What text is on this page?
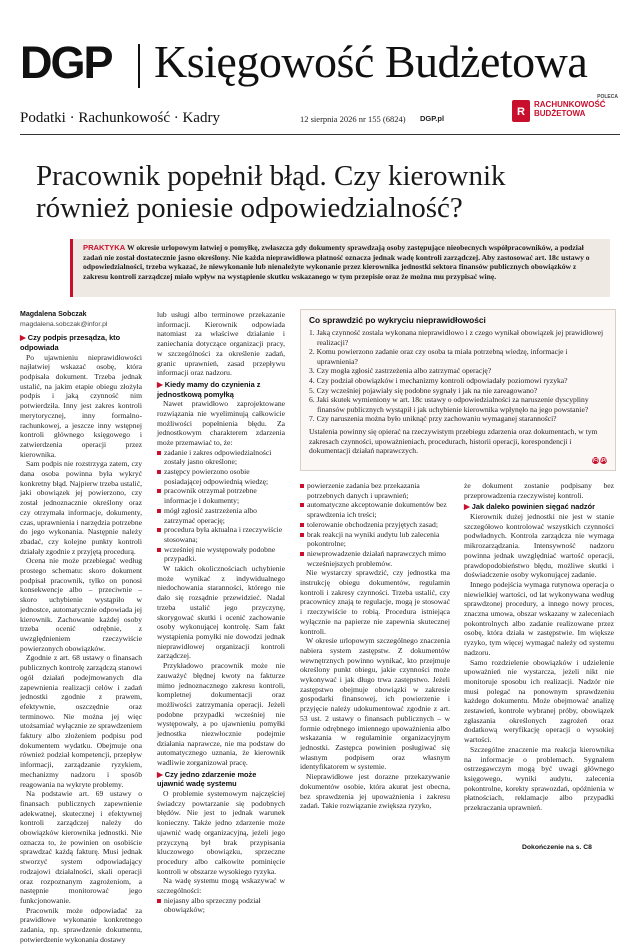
DGP Księgowość Budżetowa
Podatki · Rachunkowość · Kadry	12 sierpnia 2026 nr 155 (6824) DGP.pl
POLECA
R
RACHUNKOWOŚĆ
BUDŻETOWA
Pracownik popełnił błąd. Czy kierownik również poniesie odpowiedzialność?
PRAKTYKA W okresie urlopowym łatwiej o pomyłkę, zwłaszcza gdy dokumenty sprawdzają osoby zastępujące nieobecnych współpracowników, a podział zadań nie został dostatecznie jasno określony. Nie każda nieprawidłowa płatność oznacza jednak wadę kontroli zarządczej. Aby zastosować art. 18c ustawy o odpowiedzialności, trzeba wykazać, że niewykonanie lub nienależyte wykonanie przez kierownika jednostki sektora finansów publicznych obowiązków z zakresu kontroli zarządczej miało wpływ na wystąpienie skutku wskazanego w tym przepisie oraz że można mu przypisać winę.
Magdalena Sobczak
magdalena.sobczak@infor.pl
▶ Czy podpis przesądza, kto odpowiada

Po ujawnieniu nieprawidłowości najłatwiej wskazać osobę, która podpisała dokument. Trzeba jednak ustalić, na jakim etapie obiegu złożyła podpis i jaką czynność nim potwierdziła. Inny jest zakres kontroli merytorycznej, inny formalno-rachunkowej, a jeszcze inny wstępnej kontroli głównego księgowego i zatwierdzenia operacji przez kierownika.

Sam podpis nie rozstrzyga zatem, czy dana osoba powinna była wykryć konkretny błąd. Najpierw trzeba ustalić, jaki obowiązek jej powierzono, czy został jednoznacznie określony oraz czy otrzymała informacje, dokumenty, czas, uprawnienia i narzędzia potrzebne do jego wykonania. Następnie należy zbadać, czy kolejne punkty kontroli działały zgodnie z przyjętą procedurą.

Ocena nie może przebiegać według prostego schematu: skoro dokument podpisał pracownik, tylko on ponosi konsekwencje albo – przeciwnie – skoro uchybienie wystąpiło w jednostce, automatycznie odpowiada jej kierownik. Zachowanie każdej osoby trzeba ocenić odrębnie, z uwzględnieniem rzeczywiście powierzonych obowiązków.

Zgodnie z art. 68 ustawy o finansach publicznych kontrolę zarządczą stanowi ogół działań podejmowanych dla zapewnienia realizacji celów i zadań jednostki zgodnie z prawem, efektywnie, oszczędnie oraz terminowo. Nie można jej więc utożsamiać wyłącznie ze sprawdzeniem faktury albo złożeniem podpisu pod dokumentem wydatku. Obejmuje ona również podział kompetencji, przepływ informacji, zarządzanie ryzykiem, mechanizmy nadzoru i sposób reagowania na wykryte problemy.

Na podstawie art. 69 ustawy o finansach publicznych zapewnienie adekwatnej, skutecznej i efektywnej kontroli zarządczej należy do obowiązków kierownika jednostki. Nie oznacza to, że powinien on osobiście sprawdzać każdą fakturę. Musi jednak stworzyć system odpowiadający rodzajowi działalności, skali operacji oraz rozpoznanym zagrożeniom, a następnie monitorować jego funkcjonowanie.

Pracownik może odpowiadać za prawidłowe wykonanie konkretnego zadania, np. sprawdzenie dokumentu, potwierdzenie wykonania dostawy

lub usługi albo terminowe przekazanie informacji. Kierownik odpowiada natomiast za właściwe działanie i zaniechania dotyczące organizacji pracy, w szczególności za określenie zadań, granic uprawnień, zasad przepływu informacji oraz nadzoru.

▶ Kiedy mamy do czynienia z jednostkową pomyłką

Nawet prawidłowo zaprojektowane rozwiązania nie wyeliminują całkowicie możliwości popełnienia błędu. Za jednostkowym charakterem zdarzenia może przemawiać to, że:

zadanie i zakres odpowiedzialności zostały jasno określone;
zastępcy powierzono osobie posiadającej odpowiednią wiedzę;
pracownik otrzymał potrzebne informacje i dokumenty;
mógł zgłosić zastrzeżenia albo zatrzymać operację;
procedura była aktualna i rzeczywiście stosowana;
wcześniej nie występowały podobne przypadki.

W takich okolicznościach uchybienie może wynikać z indywidualnego niedochowania staranności, którego nie dało się rozsądnie przewidzieć. Nadal trzeba ustalić jego przyczynę, skorygować skutki i ocenić zachowanie osoby wykonującej kontrolę. Sam fakt wystąpienia pomyłki nie dowodzi jednak nieprawidłowej organizacji kontroli zarządczej.

Przykładowo pracownik może nie zauważyć błędnej kwoty na fakturze mimo jednoznacznego zakresu kontroli, kompletnej dokumentacji oraz możliwości zatrzymania operacji. Jeżeli podobne przypadki wcześniej nie występowały, a po ujawnieniu pomyłki jednostka niezwłocznie podejmie działania naprawcze, nie ma podstaw do automatycznego uznania, że kierownik wadliwie zorganizował pracę.

▶ Czy jedno zdarzenie może ujawnić wadę systemu

O problemie systemowym najczęściej świadczy powtarzanie się podobnych błędów. Nie jest to jednak warunek konieczny. Także jedno zdarzenie może ujawnić wadę organizacyjną, jeżeli jego przyczyną był brak przypisania kluczowego obowiązku, sprzeczne procedury albo całkowite pominięcie kontroli w obszarze wysokiego ryzyka.

Na wadę systemu mogą wskazywać w szczególności:

niejasny albo sprzeczny podział obowiązków;
Co sprawdzić po wykryciu nieprawidłowości
1. Jaką czynność zostala wykonana nieprawidłowo i z czego wynikał obowiązek jej prawidłowej realizacji?
2. Komu powierzono zadanie oraz czy osoba ta miała potrzebną wiedzę, informacje i uprawnienia?
3. Czy mogła zgłosić zastrzeżenia albo zatrzymać operację?
4. Czy podział obowiązków i mechanizmy kontroli odpowiadały poziomowi ryzyka?
5. Czy wcześniej pojawiały się podobne sygnały i jak na nie zareagowano?
6. Jaki skutek wymieniony w art. 18c ustawy o odpowiedzialności za naruszenie dyscypliny finansów publicznych wystąpił i jak uchybienie kierownika wpłynęło na jego powstanie?
7. Czy naruszenia można było uniknąć przy zachowaniu wymaganej staranności?
Ustalenia powinny się opierać na rzeczywistym przebiegu zdarzenia oraz dokumentach, w tym zakresach czynności, upoważnieniach, procedurach, historii operacji, korespondencji i dokumentacji działań naprawczych.
(c) (p)
powierzenie zadania bez przekazania potrzebnych danych i uprawnień;
automatyczne akceptowanie dokumentów bez sprawdzenia ich treści;
tolerowanie obchodzenia przyjętych zasad;
brak reakcji na wyniki audytu lub zalecenia pokontrolne;
niewprowadzenie działań naprawczych mimo wcześniejszych problemów.

Nie wystarczy sprawdzić, czy jednostka ma instrukcję obiegu dokumentów, regulamin kontroli i zakresy czynności. Trzeba ustalić, czy pracownicy znają te regulacje, mogą je stosować i rzeczywiście to robią. Procedura istniejąca wyłącznie na papierze nie zapewnia skutecznej kontroli.

W okresie urlopowym szczególnego znaczenia nabiera system zastępstw. Z dokumentów wewnętrznych powinno wynikać, kto przejmuje określony punkt obiegu, jakie czynności może wykonywać i jak długo trwa zastępstwo. Jeżeli zastępstwo obejmuje obowiązki w zakresie gospodarki finansowej, ich powierzenie i przyjęcie należy udokumentować zgodnie z art. 53 ust. 2 ustawy o finansach publicznych – w formie odrębnego imiennego upoważnienia albo wskazania w regulaminie organizacyjnym jednostki. Zastępca powinien posługiwać się własnym podpisem oraz własnym identyfikatorem w systemie.

Nieprawidłowe jest dorazne przekazywanie dokumentów osobie, która akurat jest obecna, bez sprawdzenia jej upoważnienia i zakresu zadań. Takie rozwiązanie zwiększa ryzyko,

że dokument zostanie podpisany bez przeprowadzenia rzeczywistej kontroli.

▶ Jak daleko powinien sięgać nadzór

Kierownik dużej jednostki nie jest w stanie szczegółowo kontrolować wszystkich czynności podwładnych. Kontrola zarządcza nie wymaga mikrozarządzania. Intensywność nadzoru powinna jednak uwzględniać wartość operacji, prawdopodobieństwo błędu, możliwe skutki i doświadczenie osoby wykonującej zadanie.

Innego podejścia wymaga rutynowa operacja o niewielkiej wartości, od lat wykonywana według sprawdzonej procedury, a innego nowy proces, znaczna umowa, obszar wskazany w zaleceniach pokontrolnych albo zadanie realizowane przez osobę, która działa w zastępstwie. Im większe ryzyko, tym więcej wymagać należy od systemu nadzoru.

Samo rozdzielenie obowiązków i udzielenie upoważnień nie wystarcza, jeżeli nikt nie monitoruje sposobu ich realizacji. Nadzór nie musi polegać na ponownym sprawdzeniu każdego dokumentu. Może obejmować analizę zestawień, kontrole wybranej próby, obowiązek zgłaszania określonych zagrożeń oraz dodatkową weryfikację operacji o wysokiej wartości.

Szczególne znaczenie ma reakcja kierownika na informacje o problemach. Sygnałem ostrzegawczym mogą być uwagi głównego księgowego, wyniki audytu, zalecenia pokontrolne, korekty sprawozdań, opóźnienia w płatnościach, reklamacje albo przypadki przekraczania uprawnień.

Dokończenie na s. C8
